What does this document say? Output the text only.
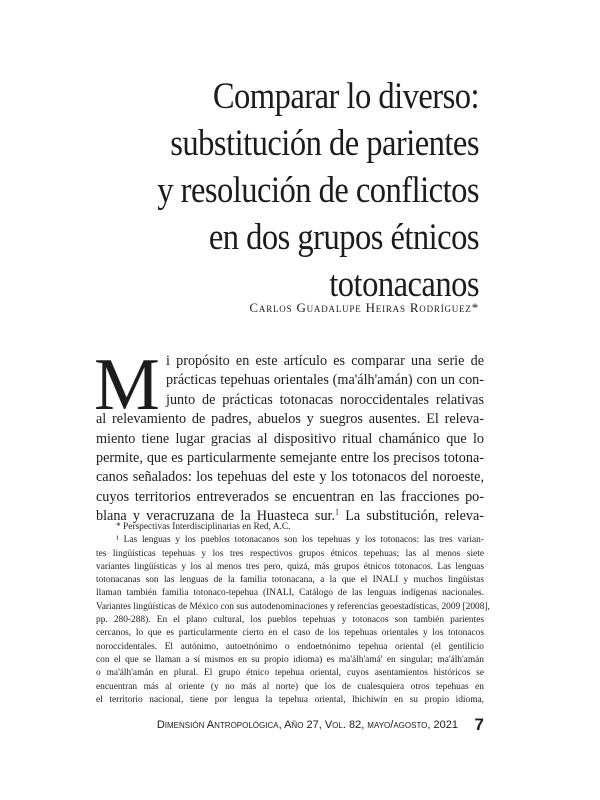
Comparar lo diverso:
substitución de parientes
y resolución de conflictos
en dos grupos étnicos
totonacanos
Carlos Guadalupe Heiras Rodríguez*
M i propósito en este artículo es comparar una serie de
prácticas tepehuas orientales (ma'álh'amán) con un con-
junto de prácticas totonacas noroccidentales relativas
al relevamiento de padres, abuelos y suegros ausentes. El releva-
miento tiene lugar gracias al dispositivo ritual chamánico que lo
permite, que es particularmente semejante entre los precisos totona-
canos señalados: los tepehuas del este y los totonacos del noroeste,
cuyos territorios entreverados se encuentran en las fracciones po-
blana y veracruzana de la Huasteca sur.$^1$ La substitución, releva-
* Perspectivas Interdisciplinarias en Red, A.C.
¹ Las lenguas y los pueblos totonacanos son los tepehuas y los totonacos: las tres varian-
tes lingüísticas tepehuas y los tres respectivos grupos étnicos tepehuas; las al menos siete
variantes lingüísticas y los al menos tres pero, quizá, más grupos étnicos totonacos. Las lenguas
totonacanas son las lenguas de la familia totonacana, a la que el INALI y muchos lingüistas
llaman también familia totonaco-tepehua (INALI, Catálogo de las lenguas indígenas nacionales.
Variantes lingüísticas de México con sus autodenominaciones y referencias geoestadísticas, 2009 [2008],
pp. 280-288). En el plano cultural, los pueblos tepehuas y totonacos son también parientes
cercanos, lo que es particularmente cierto en el caso de los tepehuas orientales y los totonacos
noroccidentales. El autónimo, autoetnónimo o endoetnónimo tepehua oriental (el gentilicio
con el que se llaman a sí mismos en su propio idioma) es ma'álh'amá' en singular; ma'álh'amán
o ma'álh'amán en plural. El grupo étnico tepehua oriental, cuyos asentamientos históricos se
encuentran más al oriente (y no más al norte) que los de cualesquiera otros tepehuas en
el territorio nacional, tiene por lengua la tepehua oriental, lhichiwín en su propio idioma,
Dimensión Antropológica, Año 27, Vol. 82, mayo/agosto, 2021 7
